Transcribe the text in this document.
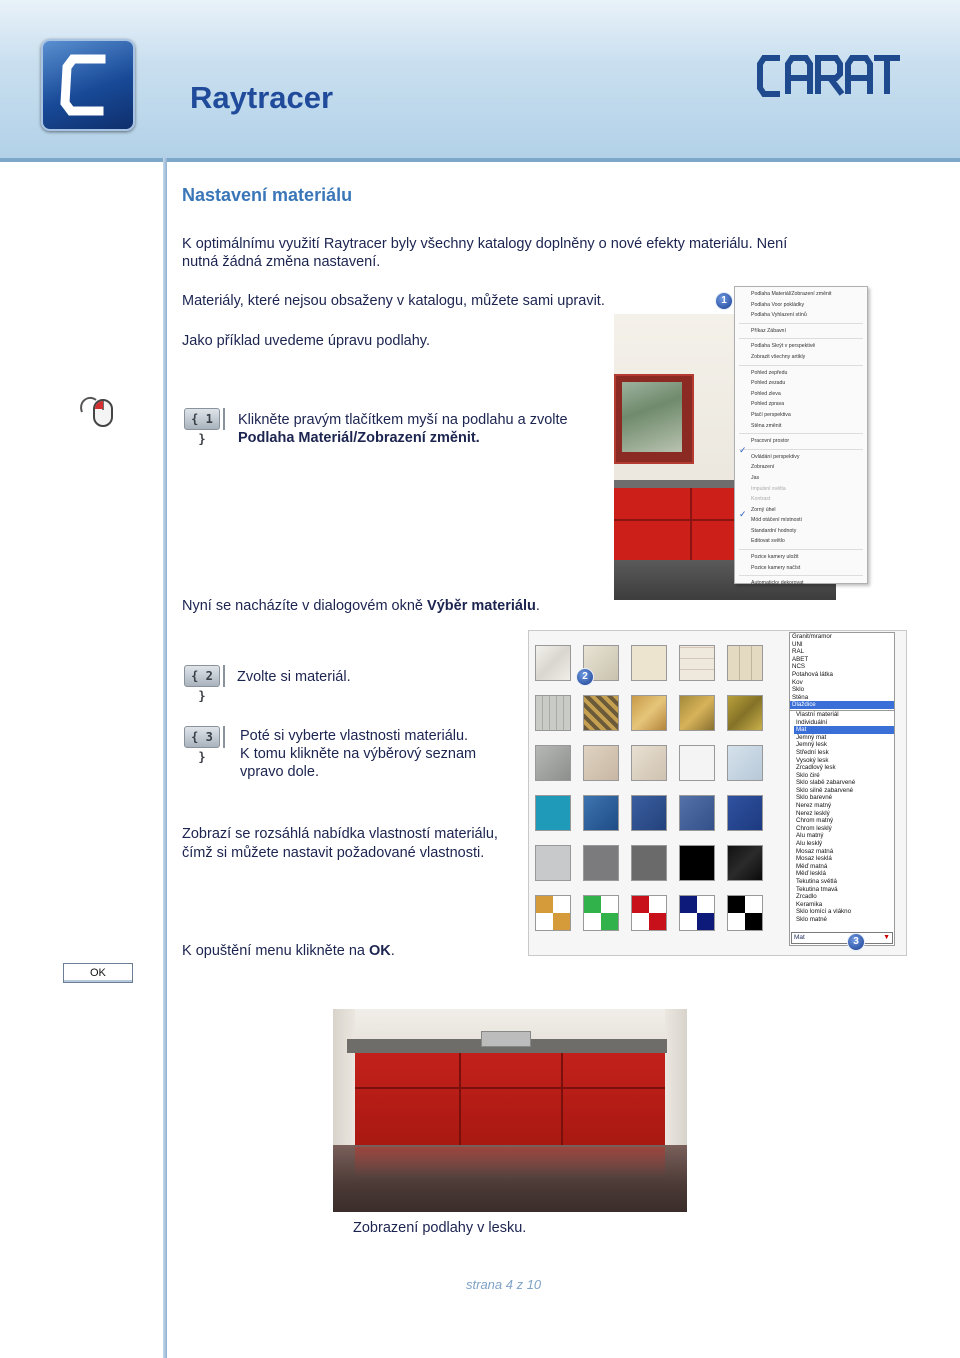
Raytracer
Nastavení materiálu
K optimálnímu využití Raytracer byly všechny katalogy doplněny o nové efekty materiálu. Není nutná žádná změna nastavení.
Materiály, které nejsou obsaženy v katalogu, můžete sami upravit.
Jako příklad uvedeme úpravu podlahy.
{ 1 }
Klikněte pravým tlačítkem myší na podlahu a zvolte
Podlaha Materiál/Zobrazení změnit.
Podlaha Materiál/Zobrazení změnit
Podlaha Voor pokládky
Podlaha Vyhlazení stínů
Příkaz Zábavní
Podlaha Skrýt v perspektivě
Zobrazit všechny artikly
Pohled zepředu
Pohled zezadu
Pohled zleva
Pohled zprava
Ptačí perspektiva
Stěna změnit
Pracovní prostor
Ovládání perspektivy
Zobrazení
Jas
Impulsní světla
Kontrast
Zorný úhel
Mód otáčení místnosti
Standardní hodnoty
Editovat světlo
Pozice kamery uložit
Pozice kamery načíst
Automaticky dekorovat
✓
✓
1
Nyní se nacházíte v dialogovém okně Výběr materiálu.
{ 2 }
Zvolte si materiál.
{ 3 }
Poté si vyberte vlastnosti materiálu.
K tomu klikněte na výběrový seznam
vpravo dole.
Zobrazí se rozsáhlá nabídka vlastností materiálu,
čímž si můžete nastavit požadované vlastnosti.
2
Granit/mramor
UNI
RAL
ABET
NCS
Potahová látka
Kov
Sklo
Stěna
Dlaždice
Vlastní materiál
Individuální
Mat
Jemný mat
Jemný lesk
Střední lesk
Vysoký lesk
Zrcadlový lesk
Sklo čiré
Sklo slabě zabarvené
Sklo silně zabarvené
Sklo barevné
Nerez matný
Nerez lesklý
Chrom matný
Chrom lesklý
Alu matný
Alu lesklý
Mosaz matná
Mosaz lesklá
Měď matná
Měď lesklá
Tekutina světlá
Tekutina tmavá
Zrcadlo
Keramika
Sklo lomící a vlákno
Sklo matné
Mat	▼
3
OK
K opuštění menu klikněte na OK.
Zobrazení podlahy v lesku.
strana 4 z 10
